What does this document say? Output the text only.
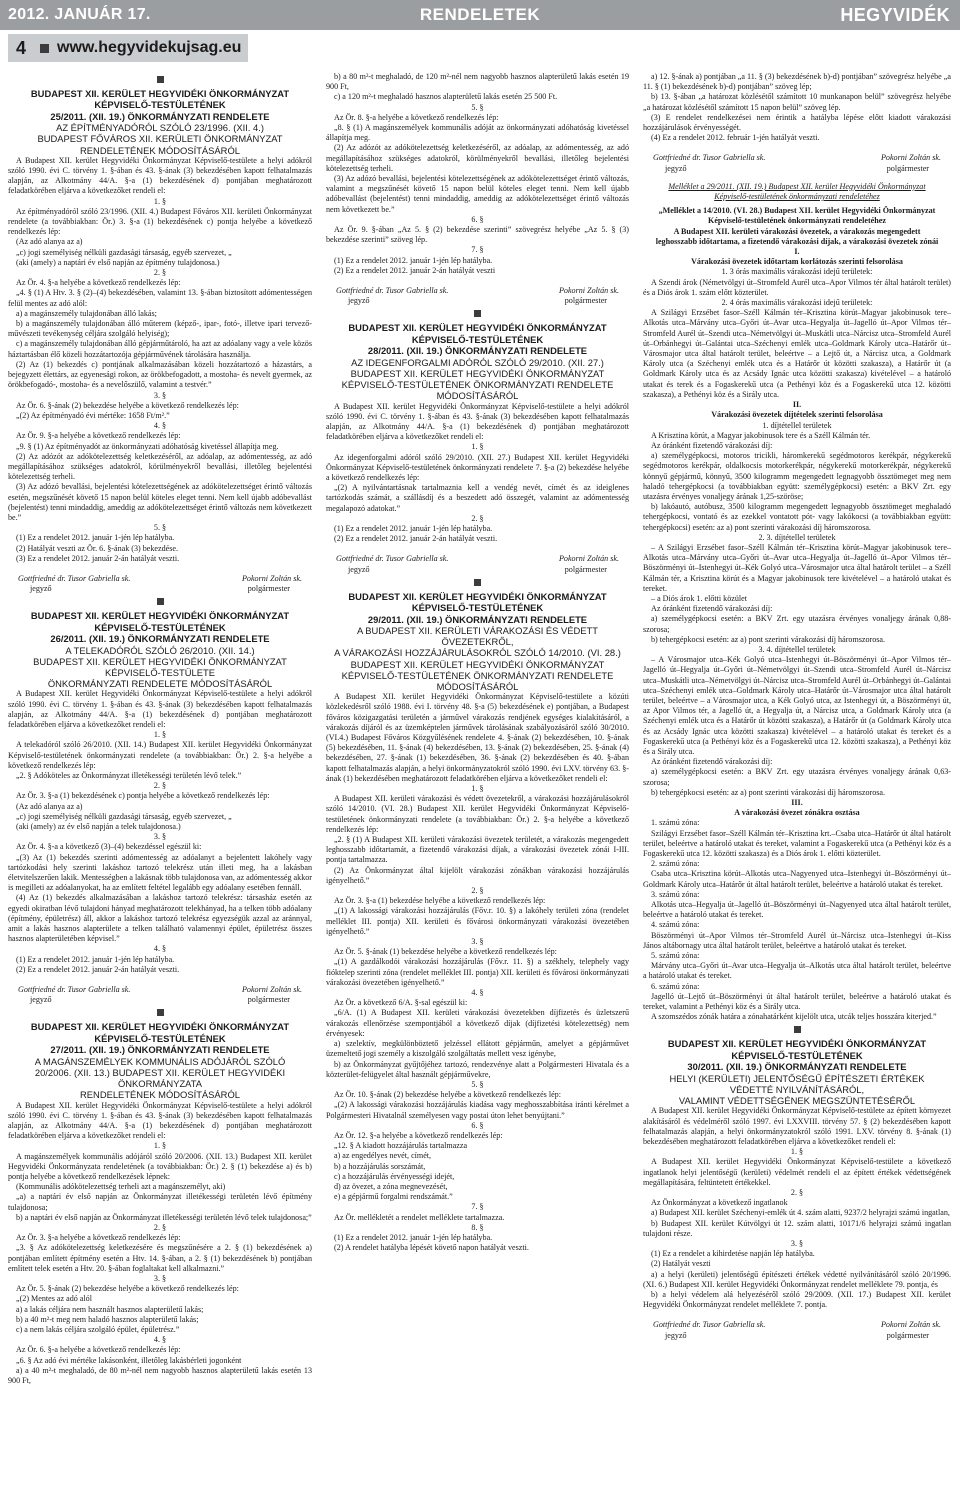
2012. JANUÁR 17.	RENDELETEK	HEGYVIDÉK
4 www.hegyvidekujsag.eu
BUDAPEST XII. KERÜLET HEGYVIDÉKI ÖNKORMÁNYZAT
KÉPVISELŐ-TESTÜLETÉNEK
25/2011. (XII. 19.) ÖNKORMÁNYZATI RENDELETE
AZ ÉPÍTMÉNYADÓRÓL SZÓLÓ 23/1996. (XII. 4.)
BUDAPEST FŐVÁROS XII. KERÜLETI ÖNKORMÁNYZAT
RENDELETÉNEK MÓDOSÍTÁSÁRÓL

A Budapest XII. kerület Hegyvidéki Önkormányzat Képviselő-testülete a helyi adókról szóló 1990. évi C. törvény 1. §-ában és 43. §-ának (3) bekezdésében kapott felhatalmazás alapján, az Alkotmány 44/A. §-a (1) bekezdésének d) pontjában meghatározott feladatkörében eljárva a következőket rendeli el:

1. §

Az építményadóról szóló 23/1996. (XII. 4.) Budapest Főváros XII. kerületi Önkormányzat rendelete (a továbbiakban: Ör.) 3. §-a (1) bekezdésének c) pontja helyébe a következő rendelkezés lép:

(Az adó alanya az a)

„c) jogi személyiség nélküli gazdasági társaság, egyéb szervezet, „

(aki (amely) a naptári év első napján az építmény tulajdonosa.)

2. §

Az Ör. 4. §-a helyébe a következő rendelkezés lép:

„4. § (1) A Htv. 3. § (2)–(4) bekezdésében, valamint 13. §-ában biztosított adómentességen felül mentes az adó alól:

a) a magánszemély tulajdonában álló lakás;

b) a magánszemély tulajdonában álló műterem (képző-, ipar-, fotó-, illetve ipari tervező- művészeti tevékenység céljára szolgáló helyiség);

c) a magánszemély tulajdonában álló gépjárműtároló, ha azt az adóalany vagy a vele közös háztartásban élő közeli hozzátartozója gépjárművének tárolására használja.

(2) Az (1) bekezdés c) pontjának alkalmazásában közeli hozzátartozó a házastárs, a bejegyzett élettárs, az egyenesági rokon, az örökbefogadott, a mostoha- és nevelt gyermek, az örökbefogadó-, mostoha- és a nevelőszülő, valamint a testvér.”

3. §

Az Ör. 6. §-ának (2) bekezdése helyébe a következő rendelkezés lép:

„(2) Az építményadó évi mértéke: 1658 Ft/m².”

4. §

Az Ör. 9. §-a helyébe a következő rendelkezés lép:

„9. § (1) Az építményadót az önkormányzati adóhatóság kivetéssel állapítja meg.

(2) Az adózót az adókötelezettség keletkezéséről, az adóalap, az adómentesség, az adó megállapításához szükséges adatokról, körülményekről bevallási, illetőleg bejelentési kötelezettség terheli.

(3) Az adózó bevallási, bejelentési kötelezettségének az adókötelezettséget érintő változás esetén, megszűnését követő 15 napon belül köteles eleget tenni. Nem kell újabb adóbevallást (bejelentést) tenni mindaddig, ameddig az adókötelezettséget érintő változás nem következett be.”

5. §

(1) Ez a rendelet 2012. január 1-jén lép hatályba.

(2) Hatályát veszti az Ör. 6. §-ának (3) bekezdése.

(3) Ez a rendelet 2012. január 2-án hatályát veszti.

Gottfriedné dr. Tusor Gabriella sk.	Pokorni Zoltán sk.
jegyző	polgármester
BUDAPEST XII. KERÜLET HEGYVIDÉKI ÖNKORMÁNYZAT
KÉPVISELŐ-TESTÜLETÉNEK
26/2011. (XII. 19.) ÖNKORMÁNYZATI RENDELETE
A TELEKADÓRÓL SZÓLÓ 26/2010. (XII. 14.)
BUDAPEST XII. KERÜLET HEGYVIDÉKI ÖNKORMÁNYZAT
KÉPVISELŐ-TESTÜLETE
ÖNKORMÁNYZATI RENDELETE MÓDOSÍTÁSÁRÓL

A Budapest XII. kerület Hegyvidéki Önkormányzat Képviselő-testülete a helyi adókról szóló 1990. évi C. törvény 1. §-ában és 43. §-ának (3) bekezdésében kapott felhatalmazás alapján, az Alkotmány 44/A. §-a (1) bekezdésének d) pontjában meghatározott feladatkörében eljárva a következőket rendeli el:

1. §

A telekadóról szóló 26/2010. (XII. 14.) Budapest XII. kerület Hegyvidéki Önkormányzat Képviselő-testületének önkormányzati rendelete (a továbbiakban: Ör.) 2. §-a helyébe a következő rendelkezés lép:

„2. § Adóköteles az Önkormányzat illetékességi területén lévő telek.”

2. §

Az Ör. 3. §-a (1) bekezdésének c) pontja helyébe a következő rendelkezés lép:

(Az adó alanya az a)

„c) jogi személyiség nélküli gazdasági társaság, egyéb szervezet, „

(aki (amely) az év első napján a telek tulajdonosa.)

3. §

Az Ör. 4. §-a a következő (3)–(4) bekezdéssel egészül ki:

„(3) Az (1) bekezdés szerinti adómentesség az adóalanyt a bejelentett lakóhely vagy tartózkodási hely szerinti lakáshoz tartozó telekrész után illeti meg, ha a lakásban életvitelszerűen lakik. Mentességben a lakásnak több tulajdonosa van, az adómentesség akkor is megilleti az adóalanyokat, ha az említett feltétel legalább egy adóalany esetében fennáll.

(4) Az (1) bekezdés alkalmazásában a lakáshoz tartozó telekrész: társasház esetén az egyedi okiratban lévő tulajdoni hányad meghatározott telekhányad, ha a telken több adóalany (építmény, épületrész) áll, akkor a lakáshoz tartozó telekrész egyezségük azzal az aránnyal, amit a lakás hasznos alapterülete a telken található valamennyi épület, épületrész összes hasznos alapterületében képvisel.”

4. §

(1) Ez a rendelet 2012. január 1-jén lép hatályba.

(2) Ez a rendelet 2012. január 2-án hatályát veszti.

Gottfriedné dr. Tusor Gabriella sk.	Pokorni Zoltán sk.
jegyző	polgármester
BUDAPEST XII. KERÜLET HEGYVIDÉKI ÖNKORMÁNYZAT
KÉPVISELŐ-TESTÜLETÉNEK
27/2011. (XII. 19.) ÖNKORMÁNYZATI RENDELETE
A MAGÁNSZEMÉLYEK KOMMUNÁLIS ADÓJÁRÓL SZÓLÓ
20/2006. (XII. 13.) BUDAPEST XII. KERÜLET HEGYVIDÉKI ÖNKORMÁNYZATA
RENDELETÉNEK MÓDOSÍTÁSÁRÓL

A Budapest XII. kerület Hegyvidéki Önkormányzat Képviselő-testülete a helyi adókról szóló 1990. évi C. törvény 1. §-ában és 43. §-ának (3) bekezdésében kapott felhatalmazás alapján, az Alkotmány 44/A. §-a (1) bekezdésének d) pontjában meghatározott feladatkörében eljárva a következőket rendeli el:

1. §

A magánszemélyek kommunális adójáról szóló 20/2006. (XII. 13.) Budapest XII. kerület Hegyvidéki Önkormányzata rendeletének (a továbbiakban: Ör.) 2. § (1) bekezdése a) és b) pontja helyébe a következő rendelkezések lépnek:

(Kommunális adókötelezettség terheli azt a magánszemélyt, aki)

„a) a naptári év első napján az Önkormányzat illetékességi területén lévő építmény tulajdonosa;

b) a naptári év első napján az Önkormányzat illetékességi területén lévő telek tulajdonosa;”

2. §

Az Ör. 3. §-a helyébe a következő rendelkezés lép:

„3. § Az adókötelezettség keletkezésére és megszűnésére a 2. § (1) bekezdésének a) pontjában említett építmény esetén a Htv. 14. §-ában, a 2. § (1) bekezdésének b) pontjában említett telek esetén a Htv. 20. §-ában foglaltakat kell alkalmazni.”

3. §

Az Ör. 5. §-ának (2) bekezdése helyébe a következő rendelkezés lép:

„(2) Mentes az adó alól

a) a lakás céljára nem használt hasznos alapterületű lakás;

b) a 40 m²-t meg nem haladó hasznos alapterületű lakás;

c) a nem lakás céljára szolgáló épület, épületrész.”

4. §

Az Ör. 6. §-a helyébe a következő rendelkezés lép:

„6. § Az adó évi mértéke lakásonként, illetőleg lakásbérleti jogonként

a) a 40 m²-t meghaladó, de 80 m²-nél nem nagyobb hasznos alapterületű lakás esetén 13 900 Ft,

b) a 80 m²-t meghaladó, de 120 m²-nél nem nagyobb hasznos alapterületű lakás esetén 19 900 Ft,

c) a 120 m²-t meghaladó hasznos alapterületű lakás esetén 25 500 Ft.

5. §

Az Ör. 8. §-a helyébe a következő rendelkezés lép:

„8. § (1) A magánszemélyek kommunális adóját az önkormányzati adóhatóság kivetéssel állapítja meg.

(2) Az adózót az adókötelezettség keletkezéséről, az adóalap, az adómentesség, az adó megállapításához szükséges adatokról, körülményekről bevallási, illetőleg bejelentési kötelezettség terheli.

(3) Az adózó bevallási, bejelentési kötelezettségének az adókötelezettséget érintő változás, valamint a megszűnését követő 15 napon belül köteles eleget tenni. Nem kell újabb adóbevallást (bejelentést) tenni mindaddig, ameddig az adókötelezettséget érintő változás nem következett be.”

6. §

Az Ör. 9. §-ában „Az 5. § (2) bekezdése szerinti” szövegrész helyébe „Az 5. § (3) bekezdése szerinti” szöveg lép.

7. §

(1) Ez a rendelet 2012. január 1-jén lép hatályba.

(2) Ez a rendelet 2012. január 2-án hatályát veszti

Gottfriedné dr. Tusor Gabriella sk.	Pokorni Zoltán sk.
jegyző	polgármester
BUDAPEST XII. KERÜLET HEGYVIDÉKI ÖNKORMÁNYZAT
KÉPVISELŐ-TESTÜLETÉNEK
28/2011. (XII. 19.) ÖNKORMÁNYZATI RENDELETE
AZ IDEGENFORGALMI ADÓRÓL SZÓLÓ 29/2010. (XII. 27.)
BUDAPEST XII. KERÜLET HEGYVIDÉKI ÖNKORMÁNYZAT
KÉPVISELŐ-TESTÜLETÉNEK ÖNKORMÁNYZATI RENDELETE MÓDOSÍTÁSÁRÓL

A Budapest XII. kerület Hegyvidéki Önkormányzat Képviselő-testülete a helyi adókról szóló 1990. évi C. törvény 1. §-ában és 43. §-ának (3) bekezdésében kapott felhatalmazás alapján, az Alkotmány 44/A. §-a (1) bekezdésének d) pontjában meghatározott feladatkörében eljárva a következőket rendeli el:

1. §

Az idegenforgalmi adóról szóló 29/2010. (XII. 27.) Budapest XII. kerület Hegyvidéki Önkormányzat Képviselő-testületének önkormányzati rendelete 7. §-a (2) bekezdése helyébe a következő rendelkezés lép:

„(2) A nyilvántartásnak tartalmaznia kell a vendég nevét, címét és az ideiglenes tartózkodás számát, a szállásdíj és a beszedett adó összegét, valamint az adómentesség megalapozó adatokat.”

2. §

(1) Ez a rendelet 2012. január 1-jén lép hatályba.

(2) Ez a rendelet 2012. január 2-án hatályát veszti.

Gottfriedné dr. Tusor Gabriella sk.	Pokorni Zoltán sk.
jegyző	polgármester
BUDAPEST XII. KERÜLET HEGYVIDÉKI ÖNKORMÁNYZAT
KÉPVISELŐ-TESTÜLETÉNEK
29/2011. (XII. 19.) ÖNKORMÁNYZATI RENDELETE
A BUDAPEST XII. KERÜLETI VÁRAKOZÁSI ÉS VÉDETT ÖVEZETEKRŐL,
A VÁRAKOZÁSI HOZZÁJÁRULÁSOKRÓL SZÓLÓ 14/2010. (VI. 28.)
BUDAPEST XII. KERÜLET HEGYVIDÉKI ÖNKORMÁNYZAT
KÉPVISELŐ-TESTÜLETÉNEK ÖNKORMÁNYZATI RENDELETE MÓDOSÍTÁSÁRÓL

A Budapest XII. kerület Hegyvidéki Önkormányzat Képviselő-testülete a közúti közlekedésről szóló 1988. évi I. törvény 48. §-a (5) bekezdésének e) pontjában, a Budapest főváros közigazgatási területén a járművel várakozás rendjének egységes kialakításáról, a várakozás díjáról és az üzemképtelen járművek tárolásának szabályozásáról szóló 30/2010. (VI.4.) Budapest Főváros Közgyűlésének rendelete 4. §-ának (2) bekezdésében, 10. §-ának (5) bekezdésében, 11. §-ának (4) bekezdésében, 13. §-ának (2) bekezdésében, 25. §-ának (4) bekezdésében, 27. §-ának (1) bekezdésében, 36. §-ának (2) bekezdésében és 40. §-ában kapott felhatalmazás alapján, a helyi önkormányzatokról szóló 1990. évi LXV. törvény 63. §-ának (1) bekezdésében meghatározott feladatkörében eljárva a következőket rendeli el:

1. §

A Budapest XII. kerületi várakozási és védett övezetekről, a várakozási hozzájárulásokról szóló 14/2010. (VI. 28.) Budapest XII. kerület Hegyvidéki Önkormányzat Képviselő-testületének önkormányzati rendelete (a továbbiakban: Ör.) 2. §-a helyébe a következő rendelkezés lép:

„2. § (1) A Budapest XII. kerületi várakozási övezetek területét, a várakozás megengedett leghosszabb időtartamát, a fizetendő várakozási díjak, a várakozási övezetek zónái I-III. pontja tartalmazza.

(2) Az Önkormányzat által kijelölt várakozási zónákban várakozási hozzájárulás igényelhető.”

2. §

Az Ör. 3. §-a (1) bekezdése helyébe a következő rendelkezés lép:

„(1) A lakossági várakozási hozzájárulás (Főv.r. 10. §) a lakóhely területi zóna (rendelet melléklet III. pontja) XII. kerületi és fővárosi önkormányzati várakozási övezetében igényelhető.”

3. §

Az Ör. 5. §-ának (1) bekezdése helyébe a következő rendelkezés lép:

„(1) A gazdálkodói várakozási hozzájárulás (Főv.r. 11. §) a székhely, telephely vagy fióktelep szerinti zóna (rendelet melléklet III. pontja) XII. kerületi és fővárosi önkormányzati várakozási övezetében igényelhető.”

4. §

Az Ör. a következő 6/A. §-sal egészül ki:

„6/A. (1) A Budapest XII. kerületi várakozási övezetekben díjfizetés és üzletszerű várakozás ellenőrzése szempontjából a következő díjak (díjfizetési kötelezettség) nem érvényesek:

a) szelektív, megkülönböztető jelzéssel ellátott gépjárműn, amelyet a gépjárművet üzemeltető jogi személy a kiszolgáló szolgáltatás mellett vesz igénybe,

b) az Önkormányzat gyűjtőjéhez tartozó, rendezvénye alatt a Polgármesteri Hivatala és a közterület-felügyelet által használt gépjárművekre,

5. §

Az Ör. 10. §-ának (2) bekezdése helyébe a következő rendelkezés lép:

„(2) A lakossági várakozási hozzájárulás kiadása vagy meghosszabbítása iránti kérelmet a Polgármesteri Hivatalnál személyesen vagy postai úton lehet benyújtani.”

6. §

Az Ör. 12. §-a helyébe a következő rendelkezés lép:

„12. § A kiadott hozzájárulás tartalmazza

a) az engedélyes nevét, címét,

b) a hozzájárulás sorszámát,

c) a hozzájárulás érvényességi idejét,

d) az övezet, a zóna megnevezését,

e) a gépjármű forgalmi rendszámát.”

7. §

Az Ör. mellékletét a rendelet melléklete tartalmazza.

8. §

(1) Ez a rendelet 2012. január 1-jén lép hatályba.

(2) A rendelet hatályba lépését követő napon hatályát veszti.

a) 12. §-ának a) pontjában „a 11. § (3) bekezdésének b)-d) pontjában” szövegrész helyébe „a 11. § (1) bekezdésének b)-d) pontjában” szöveg lép;

b) 13. §-ában „a határozat közlésétől számított 10 munkanapon belül” szövegrész helyébe „a határozat közlésétől számított 15 napon belül” szöveg lép.

(3) E rendelet rendelkezései nem érintik a hatályba lépése előtt kiadott várakozási hozzájárulások érvényességét.

(4) Ez a rendelet 2012. február 1-jén hatályát veszti.

Gottfriedné dr. Tusor Gabriella sk.	Pokorni Zoltán sk.
jegyző	polgármester
Melléklet a 29/2011. (XII. 19.) Budapest XII. kerület Hegyvidéki Önkormányzat
Képviselő-testületének önkormányzati rendeletéhez
„Melléklet a 14/2010. (VI. 28.) Budapest XII. kerület Hegyvidéki Önkormányzat
Képviselő-testületének önkormányzati rendeletéhez
A Budapest XII. kerületi várakozási övezetek, a várakozás megengedett
leghosszabb időtartama, a fizetendő várakozási díjak, a várakozási övezetek zónái

I.

Várakozási övezetek időtartam korlátozás szerinti felsorolása

1. 3 órás maximális várakozási idejű területek:

A Szendi árok (Németvölgyi út–Stromfeld Aurél utca–Apor Vilmos tér által határolt terület) és a Diós árok 1. szám előtt közterület.

2. 4 órás maximális várakozási idejű területek:

A Szilágyi Erzsébet fasor–Széll Kálmán tér–Krisztina körút–Magyar jakobinusok tere–Alkotás utca–Márvány utca–Győri út–Avar utca–Hegyalja út–Jagelló út–Apor Vilmos tér–Stromfeld Aurél út–Szendi utca–Németvölgyi út–Muskátli utca–Nárcisz utca–Stromfeld Aurél út–Orbánhegyi út–Galántai utca–Széchenyi emlék utca–Goldmark Károly utca–Határőr út–Városmajor utca által határolt terület, beleértve – a Lejtő út, a Nárcisz utca, a Goldmark Károly utca (a Széchenyi emlék utca és a Határőr út közötti szakasza), a Határőr út (a Goldmark Károly utca és az Acsády Ignác utca közötti szakasza) kivételével – a határoló utakat és terek és a Fogaskerekű utca (a Pethényi köz és a Fogaskerekű utca 12. közötti szakasza), a Pethényi köz és a Sirály utca.

II.

Várakozási övezetek díjtételek szerinti felsorolása

1. díjtétellel területek

A Krisztina körút, a Magyar jakobinusok tere és a Széll Kálmán tér.

Az óránként fizetendő várakozási díj:

a) személygépkocsi, motoros tricikli, háromkerekű segédmotoros kerékpár, négykerekű segédmotoros kerékpár, oldalkocsis motorkerékpár, négykerekű motorkerékpár, négykerekű könnyű gépjármű, könnyű, 3500 kilogramm megengedett legnagyobb össztömeget meg nem haladó tehergépkocsi (a továbbiakban együtt: személygépkocsi) esetén: a BKV Zrt. egy utazásra érvényes vonaljegy árának 1,25-szöröse;

b) lakóautó, autóbusz, 3500 kilogramm megengedett legnagyobb össztömeget meghaladó tehergépkocsi, vontató és az ezekkel vontatott pót- vagy lakókocsi (a továbbiakban együtt: tehergépkocsi) esetén: az a) pont szerinti várakozási díj háromszorosa.

2. 3. díjtétellel területek

– A Szilágyi Erzsébet fasor–Széll Kálmán tér–Krisztina körút–Magyar jakobinusok tere–Alkotás utca–Márvány utca–Győri út–Avar utca–Hegyalja út–Jagelló út–Apor Vilmos tér–Böszörményi út–Istenhegyi út–Kék Golyó utca–Városmajor utca által határolt terület – a Széll Kálmán tér, a Krisztina körút és a Magyar jakobinusok tere kivételével – a határoló utakat és tereket.

– a Diós árok 1. előtti közület

Az óránként fizetendő várakozási díj:

a) személygépkocsi esetén: a BKV Zrt. egy utazásra érvényes vonaljegy árának 0,88-szorosa;

b) tehergépkocsi esetén: az a) pont szerinti várakozási díj háromszorosa.

3. 4. díjtétellel területek

– A Városmajor utca–Kék Golyó utca–Istenhegyi út–Böszörményi út–Apor Vilmos tér–Jagelló út–Hegyalja út–Győri út–Németvölgyi út–Szendi utca–Stromfeld Aurél út–Nárcisz utca–Muskátli utca–Németvölgyi út–Nárcisz utca–Stromfeld Aurél út–Orbánhegyi út–Galántai utca–Széchenyi emlék utca–Goldmark Károly utca–Határőr út–Városmajor utca által határolt terület, beleértve – a Városmajor utca, a Kék Golyó utca, az Istenhegyi út, a Böszörményi út, az Apor Vilmos tér, a Jagelló út, a Hegyalja út, a Nárcisz utca, a Goldmark Károly utca (a Széchenyi emlék utca és a Határőr út közötti szakasza), a Határőr út (a Goldmark Károly utca és az Acsády Ignác utca közötti szakasza) kivételével – a határoló utakat és tereket és a Fogaskerekű utca (a Pethényi köz és a Fogaskerekű utca 12. közötti szakasza), a Pethényi köz és a Sirály utca.

Az óránként fizetendő várakozási díj:

a) személygépkocsi esetén: a BKV Zrt. egy utazásra érvényes vonaljegy árának 0,63-szorosa;

b) tehergépkocsi esetén: az a) pont szerinti várakozási díj háromszorosa.

III.

A várakozási övezet zónákra osztása

1. számú zóna:

Szilágyi Erzsébet fasor–Széll Kálmán tér–Krisztina krt.–Csaba utca–Határőr út által határolt terület, beleértve a határoló utakat és tereket, valamint a Fogaskerekű utca (a Pethényi köz és a Fogaskerekű utca 12. közötti szakasza) és a Diós árok 1. előtti közterület.

2. számú zóna:

Csaba utca–Krisztina körút–Alkotás utca–Nagyenyed utca–Istenhegyi út–Böszörményi út–Goldmark Károly utca–Határőr út által határolt terület, beleértve a határoló utakat és tereket.

3. számú zóna:

Alkotás utca–Hegyalja út–Jagelló út–Böszörményi út–Nagyenyed utca által határolt terület, beleértve a határoló utakat és tereket.

4. számú zóna:

Böszörményi út–Apor Vilmos tér–Stromfeld Aurél út–Nárcisz utca–Istenhegyi út–Kiss János altábornagy utca által határolt terület, beleértve a határoló utakat és tereket.

5. számú zóna:

Márvány utca–Győri út–Avar utca–Hegyalja út–Alkotás utca által határolt terület, beleértve a határoló utakat és tereket.

6. számú zóna:

Jagelló út–Lejtő út–Böszörményi út által határolt terület, beleértve a határoló utakat és tereket, valamint a Pethényi köz és a Sirály utca.

A szomszédos zónák határa a zónahatárként kijelölt utca, utcák teljes hosszára kiterjed.”

BUDAPEST XII. KERÜLET HEGYVIDÉKI ÖNKORMÁNYZAT
KÉPVISELŐ-TESTÜLETÉNEK
30/2011. (XII. 19.) ÖNKORMÁNYZATI RENDELETE
HELYI (KERÜLETI) JELENTŐSÉGŰ ÉPÍTÉSZETI ÉRTÉKEK
VÉDETTÉ NYILVÁNÍTÁSÁRÓL,
VALAMINT VÉDETTSÉGÉNEK MEGSZÜNTETÉSÉRŐL

A Budapest XII. kerület Hegyvidéki Önkormányzat Képviselő-testülete az épített környezet alakításáról és védelméről szóló 1997. évi LXXVIII. törvény 57. § (2) bekezdésében kapott felhatalmazás alapján, a helyi önkormányzatokról szóló 1991. LXV. törvény 8. §-ának (1) bekezdésében meghatározott feladatkörében eljárva a következőket rendeli el:

1. §

A Budapest XII. kerület Hegyvidéki Önkormányzat Képviselő-testülete a következő ingatlanok helyi jelentőségű (kerületi) védelmét rendeli el az épített értékek védettségének megállapítására, feltüntetett értékekkel.

2. §

Az Önkormányzat a következő ingatlanok

a) Budapest XII. kerület Széchenyi-emlék út 4. szám alatti, 9237/2 helyrajzi számú ingatlan,

b) Budapest XII. kerület Kútvölgyi út 12. szám alatti, 10171/6 helyrajzi számú ingatlan tulajdoni része.

3. §

(1) Ez a rendelet a kihirdetése napján lép hatályba.

(2) Hatályát veszti

a) a helyi (kerületi) jelentőségű építészeti értékek védetté nyilvánításáról szóló 20/1996. (XI. 6.) Budapest XII. kerület Hegyvidéki Önkormányzat rendelet melléklete 79. pontja, és

b) a helyi védelem alá helyezéséről szóló 29/2009. (XII. 17.) Budapest XII. kerület Hegyvidéki Önkormányzat rendelet melléklete 7. pontja.

Gottfriedné dr. Tusor Gabriella sk.	Pokorni Zoltán sk.
jegyző	polgármester
